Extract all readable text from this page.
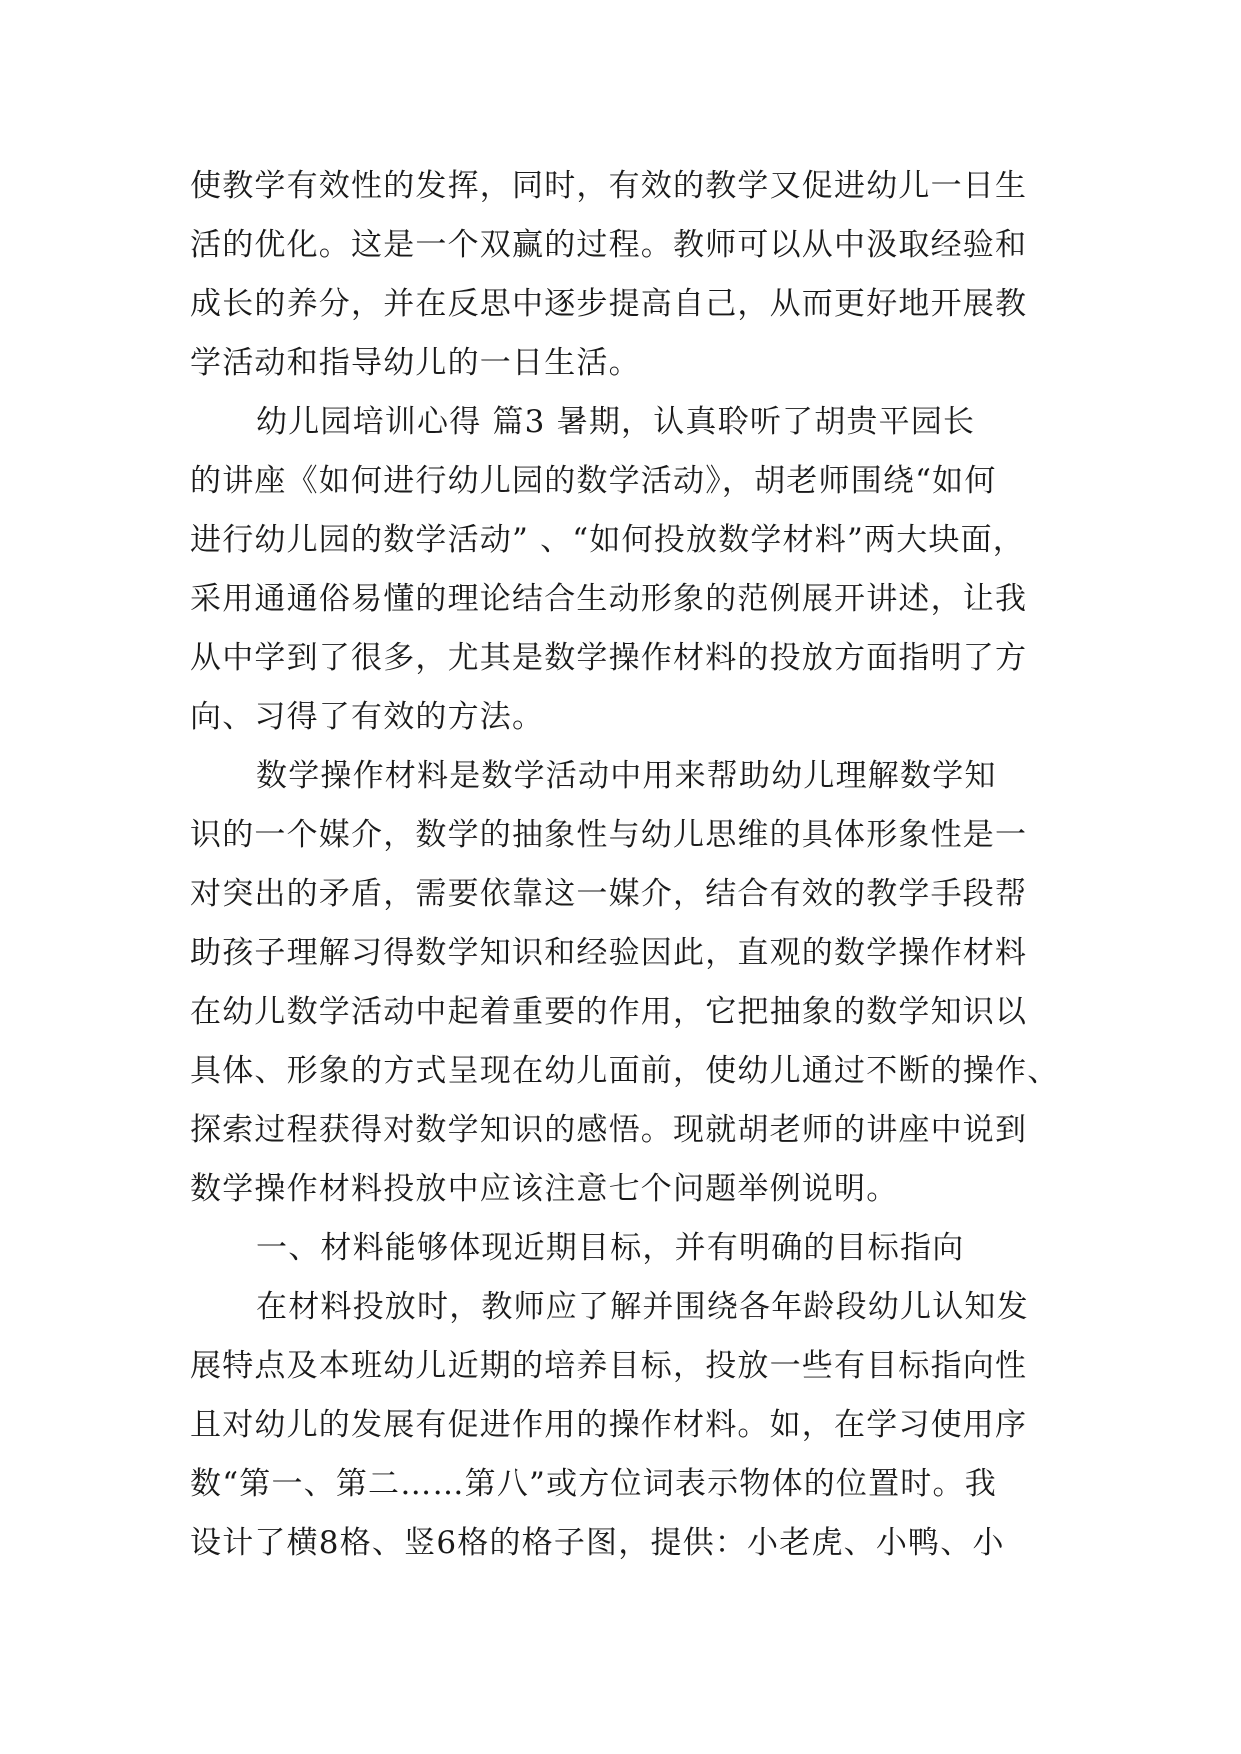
使教学有效性的发挥，同时，有效的教学又促进幼儿一日生
活的优化。这是一个双赢的过程。教师可以从中汲取经验和
成长的养分，并在反思中逐步提高自己，从而更好地开展教
学活动和指导幼儿的一日生活。
幼儿园培训心得 篇3 暑期，认真聆听了胡贵平园长
的讲座《如何进行幼儿园的数学活动》，胡老师围绕“如何
进行幼儿园的数学活动” 、“如何投放数学材料”两大块面，
采用通通俗易懂的理论结合生动形象的范例展开讲述，让我
从中学到了很多，尤其是数学操作材料的投放方面指明了方
向、习得了有效的方法。
数学操作材料是数学活动中用来帮助幼儿理解数学知
识的一个媒介，数学的抽象性与幼儿思维的具体形象性是一
对突出的矛盾，需要依靠这一媒介，结合有效的教学手段帮
助孩子理解习得数学知识和经验因此，直观的数学操作材料
在幼儿数学活动中起着重要的作用，它把抽象的数学知识以
具体、形象的方式呈现在幼儿面前，使幼儿通过不断的操作、
探索过程获得对数学知识的感悟。现就胡老师的讲座中说到
数学操作材料投放中应该注意七个问题举例说明。
一、材料能够体现近期目标，并有明确的目标指向
在材料投放时，教师应了解并围绕各年龄段幼儿认知发
展特点及本班幼儿近期的培养目标，投放一些有目标指向性
且对幼儿的发展有促进作用的操作材料。如，在学习使用序
数“第一、第二……第八”或方位词表示物体的位置时。我
设计了横8格、竖6格的格子图，提供：小老虎、小鸭、小
